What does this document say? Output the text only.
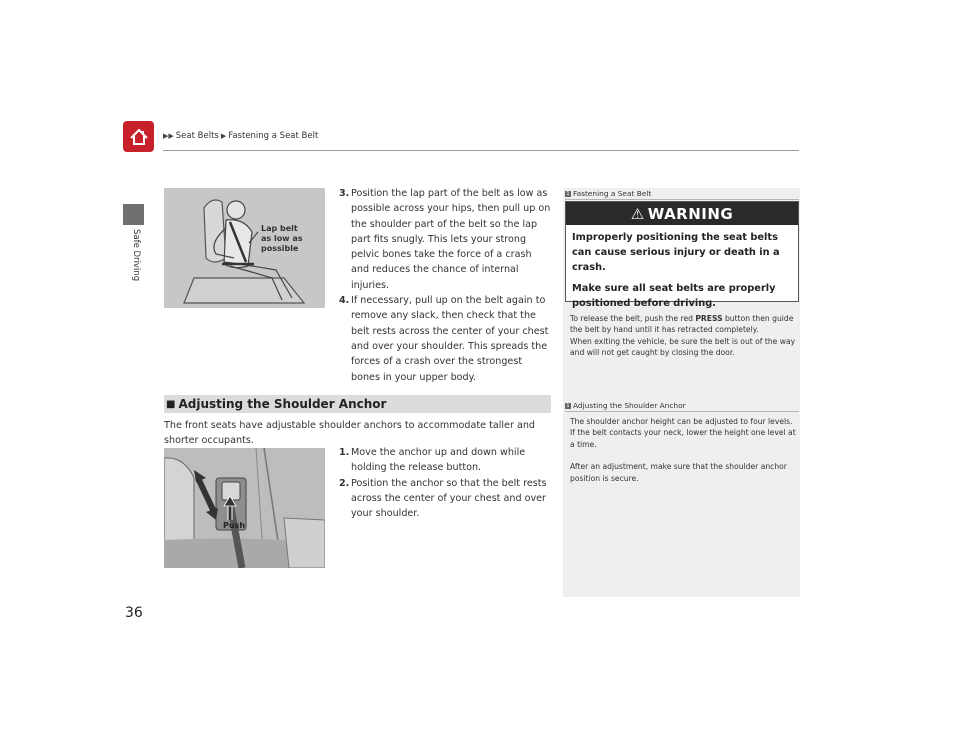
▶▶ Seat Belts ▶ Fastening a Seat Belt
Safe Driving
36
Lap belt as low as possible
3. Position the lap part of the belt as low as possible across your hips, then pull up on the shoulder part of the belt so the lap part fits snugly. This lets your strong pelvic bones take the force of a crash and reduces the chance of internal injuries.
4. If necessary, pull up on the belt again to remove any slack, then check that the belt rests across the center of your chest and over your shoulder. This spreads the forces of a crash over the strongest bones in your upper body.
■ Adjusting the Shoulder Anchor
The front seats have adjustable shoulder anchors to accommodate taller and shorter occupants.
Push
1. Move the anchor up and down while holding the release button.
2. Position the anchor so that the belt rests across the center of your chest and over your shoulder.
1 Fastening a Seat Belt
⚠ WARNING

Improperly positioning the seat belts can cause serious injury or death in a crash.

Make sure all seat belts are properly positioned before driving.

To release the belt, push the red PRESS button then guide the belt by hand until it has retracted completely.
When exiting the vehicle, be sure the belt is out of the way and will not get caught by closing the door.
1 Adjusting the Shoulder Anchor
The shoulder anchor height can be adjusted to four levels. If the belt contacts your neck, lower the height one level at a time.
After an adjustment, make sure that the shoulder anchor position is secure.
